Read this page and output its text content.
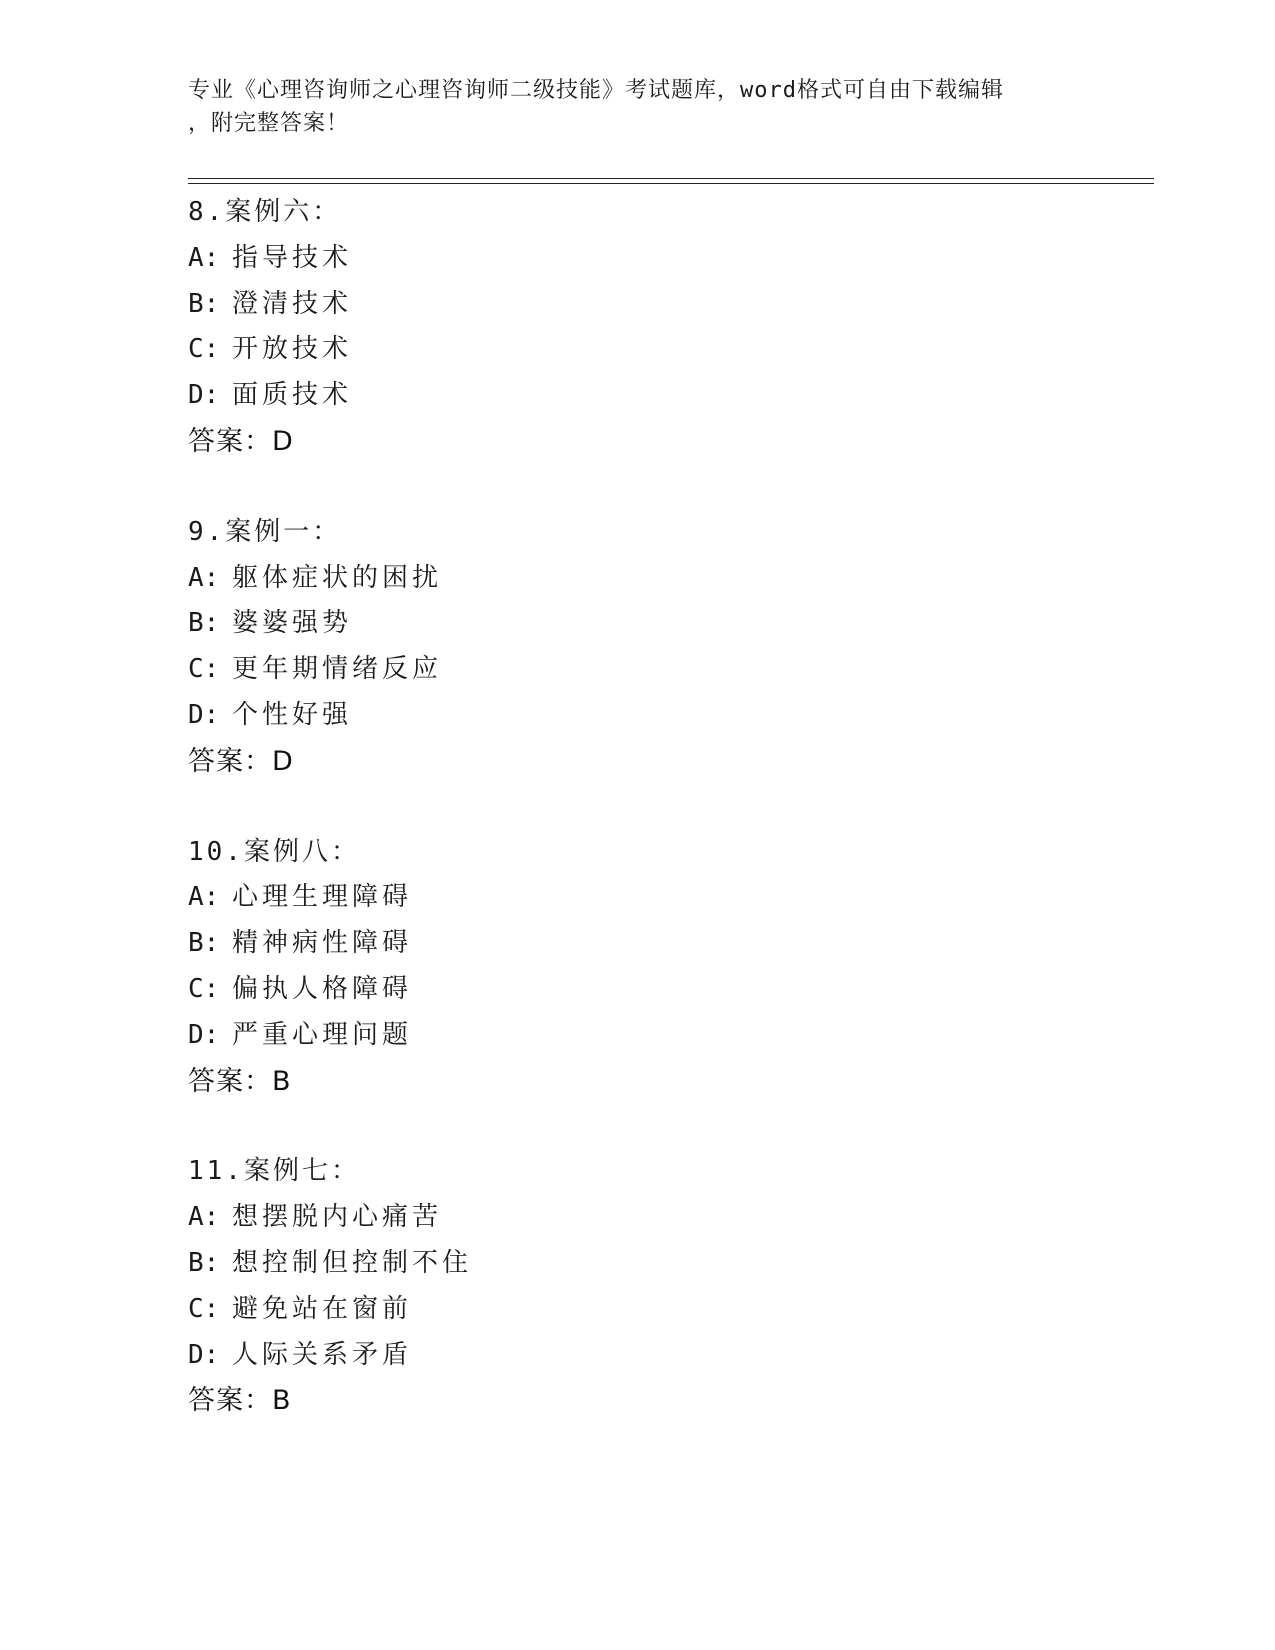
专业《心理咨询师之心理咨询师二级技能》考试题库，word格式可自由下载编辑
，附完整答案！
8.案例六：
A: 指导技术
B: 澄清技术
C: 开放技术
D: 面质技术
答案：D
9.案例一：
A: 躯体症状的困扰
B: 婆婆强势
C: 更年期情绪反应
D: 个性好强
答案：D
10.案例八：
A: 心理生理障碍
B: 精神病性障碍
C: 偏执人格障碍
D: 严重心理问题
答案：B
11.案例七：
A: 想摆脱内心痛苦
B: 想控制但控制不住
C: 避免站在窗前
D: 人际关系矛盾
答案：B
